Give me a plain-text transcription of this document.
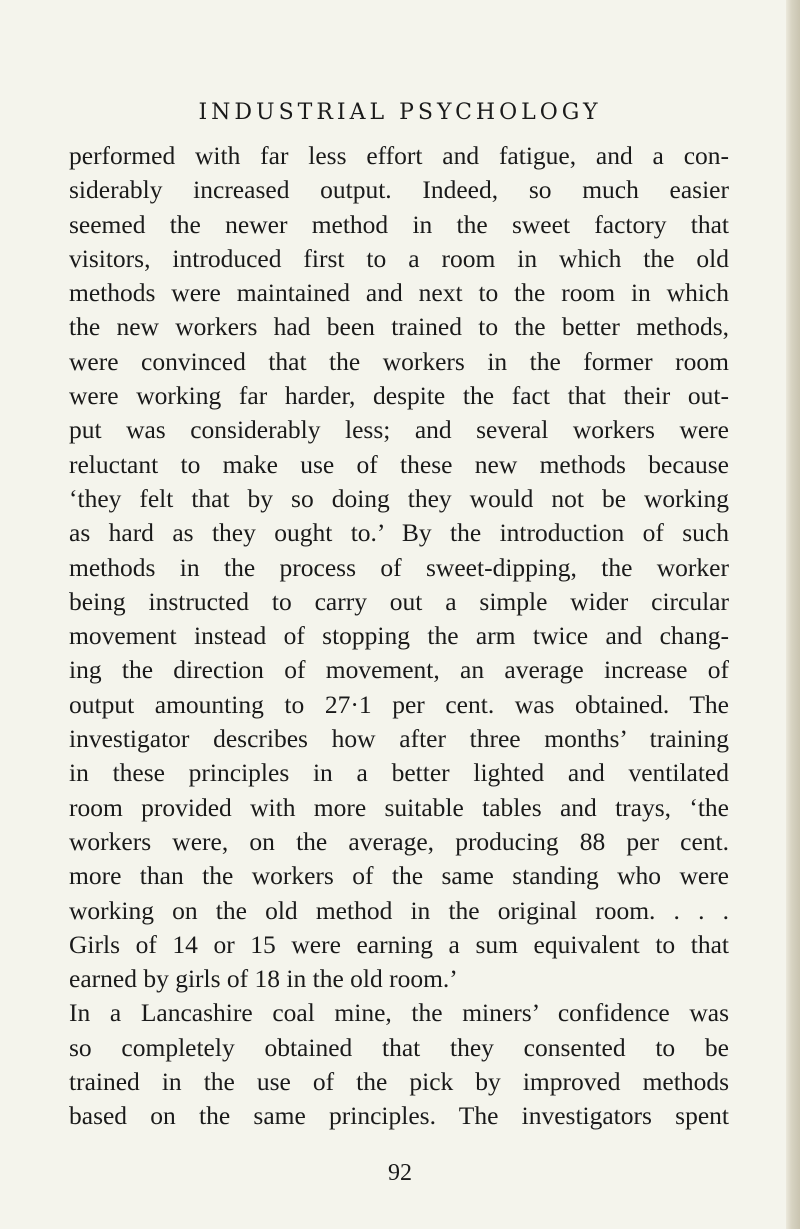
INDUSTRIAL PSYCHOLOGY
performed with far less effort and fatigue, and a con-
siderably increased output. Indeed, so much easier
seemed the newer method in the sweet factory that
visitors, introduced first to a room in which the old
methods were maintained and next to the room in which
the new workers had been trained to the better methods,
were convinced that the workers in the former room
were working far harder, despite the fact that their out-
put was considerably less; and several workers were
reluctant to make use of these new methods because
‘they felt that by so doing they would not be working
as hard as they ought to.’ By the introduction of such
methods in the process of sweet-dipping, the worker
being instructed to carry out a simple wider circular
movement instead of stopping the arm twice and chang-
ing the direction of movement, an average increase of
output amounting to 27·1 per cent. was obtained. The
investigator describes how after three months’ training
in these principles in a better lighted and ventilated
room provided with more suitable tables and trays, ‘the
workers were, on the average, producing 88 per cent.
more than the workers of the same standing who were
working on the old method in the original room. . . .
Girls of 14 or 15 were earning a sum equivalent to that
earned by girls of 18 in the old room.’
In a Lancashire coal mine, the miners’ confidence was
so completely obtained that they consented to be
trained in the use of the pick by improved methods
based on the same principles. The investigators spent
92
